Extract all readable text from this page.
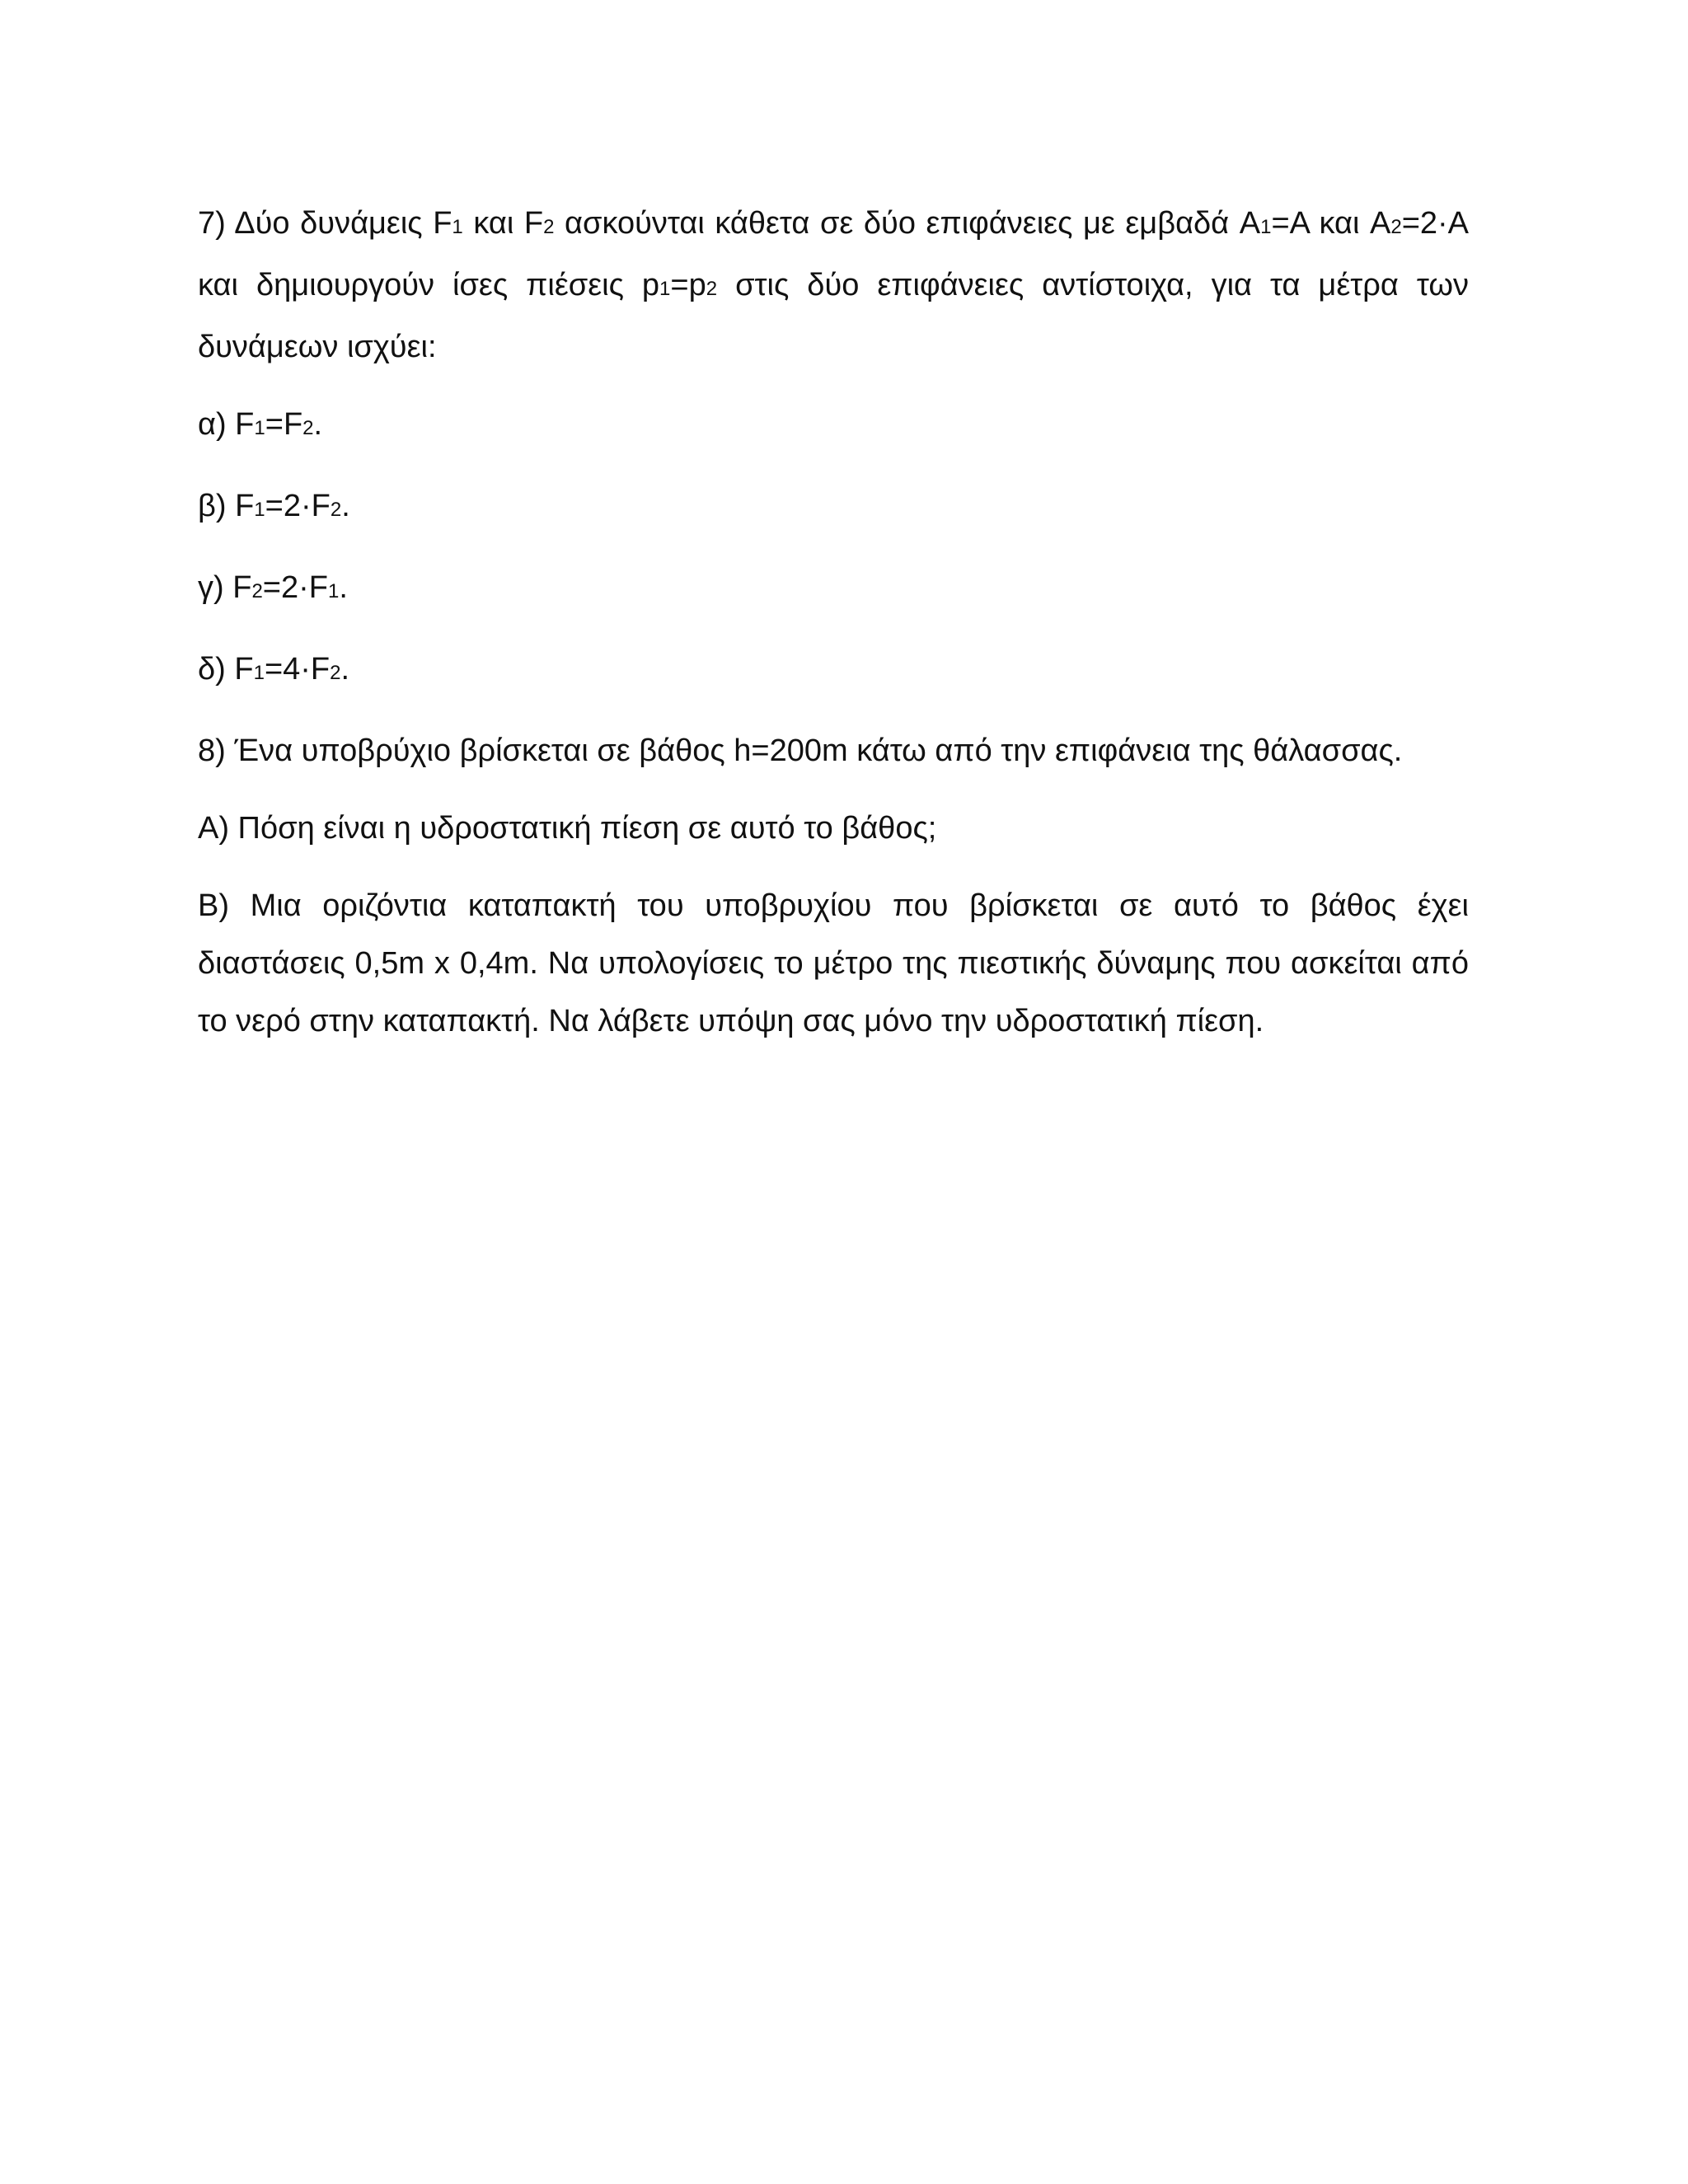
7) Δύο δυνάμεις F1 και F2 ασκούνται κάθετα σε δύο επιφάνειες με εμβαδά A1=A και A2=2·A και δημιουργούν ίσες πιέσεις p1=p2 στις δύο επιφάνειες αντίστοιχα, για τα μέτρα των δυνάμεων ισχύει:

α) F1=F2.

β) F1=2·F2.

γ) F2=2·F1.

δ) F1=4·F2.

8) Ένα υποβρύχιο βρίσκεται σε βάθος h=200m κάτω από την επιφάνεια της θάλασσας.

Α) Πόση είναι η υδροστατική πίεση σε αυτό το βάθος;

Β) Μια οριζόντια καταπακτή του υποβρυχίου που βρίσκεται σε αυτό το βάθος έχει διαστάσεις 0,5m x 0,4m. Να υπολογίσεις το μέτρο της πιεστικής δύναμης που ασκείται από το νερό στην καταπακτή. Να λάβετε υπόψη σας μόνο την υδροστατική πίεση.
